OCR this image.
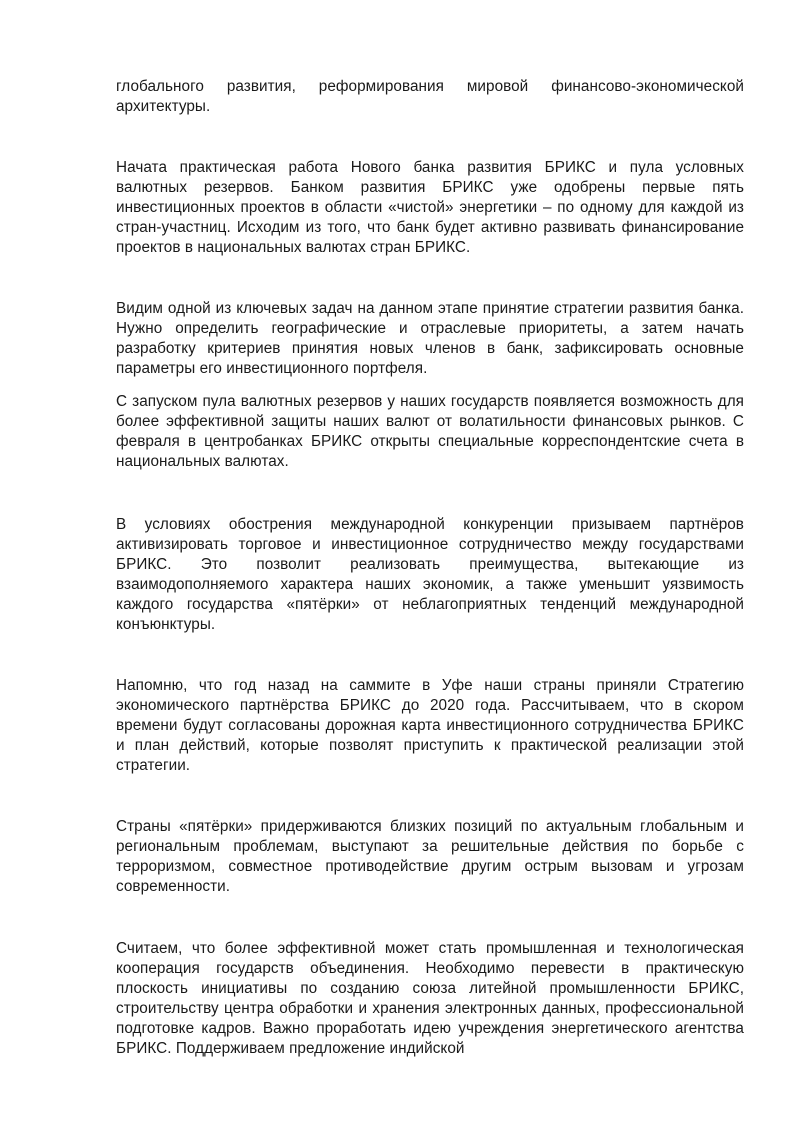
глобального развития, реформирования мировой финансово-экономической архитектуры.

Начата практическая работа Нового банка развития БРИКС и пула условных валютных резервов. Банком развития БРИКС уже одобрены первые пять инвестиционных проектов в области «чистой» энергетики – по одному для каждой из стран-участниц. Исходим из того, что банк будет активно развивать финансирование проектов в национальных валютах стран БРИКС.

Видим одной из ключевых задач на данном этапе принятие стратегии развития банка. Нужно определить географические и отраслевые приоритеты, а затем начать разработку критериев принятия новых членов в банк, зафиксировать основные параметры его инвестиционного портфеля.

С запуском пула валютных резервов у наших государств появляется возможность для более эффективной защиты наших валют от волатильности финансовых рынков. С февраля в центробанках БРИКС открыты специальные корреспондентские счета в национальных валютах.

В условиях обострения международной конкуренции призываем партнёров активизировать торговое и инвестиционное сотрудничество между государствами БРИКС. Это позволит реализовать преимущества, вытекающие из взаимодополняемого характера наших экономик, а также уменьшит уязвимость каждого государства «пятёрки» от неблагоприятных тенденций международной конъюнктуры.

Напомню, что год назад на саммите в Уфе наши страны приняли Стратегию экономического партнёрства БРИКС до 2020 года. Рассчитываем, что в скором времени будут согласованы дорожная карта инвестиционного сотрудничества БРИКС и план действий, которые позволят приступить к практической реализации этой стратегии.

Страны «пятёрки» придерживаются близких позиций по актуальным глобальным и региональным проблемам, выступают за решительные действия по борьбе с терроризмом, совместное противодействие другим острым вызовам и угрозам современности.

Считаем, что более эффективной может стать промышленная и технологическая кооперация государств объединения. Необходимо перевести в практическую плоскость инициативы по созданию союза литейной промышленности БРИКС, строительству центра обработки и хранения электронных данных, профессиональной подготовке кадров. Важно проработать идею учреждения энергетического агентства БРИКС. Поддерживаем предложение индийской
